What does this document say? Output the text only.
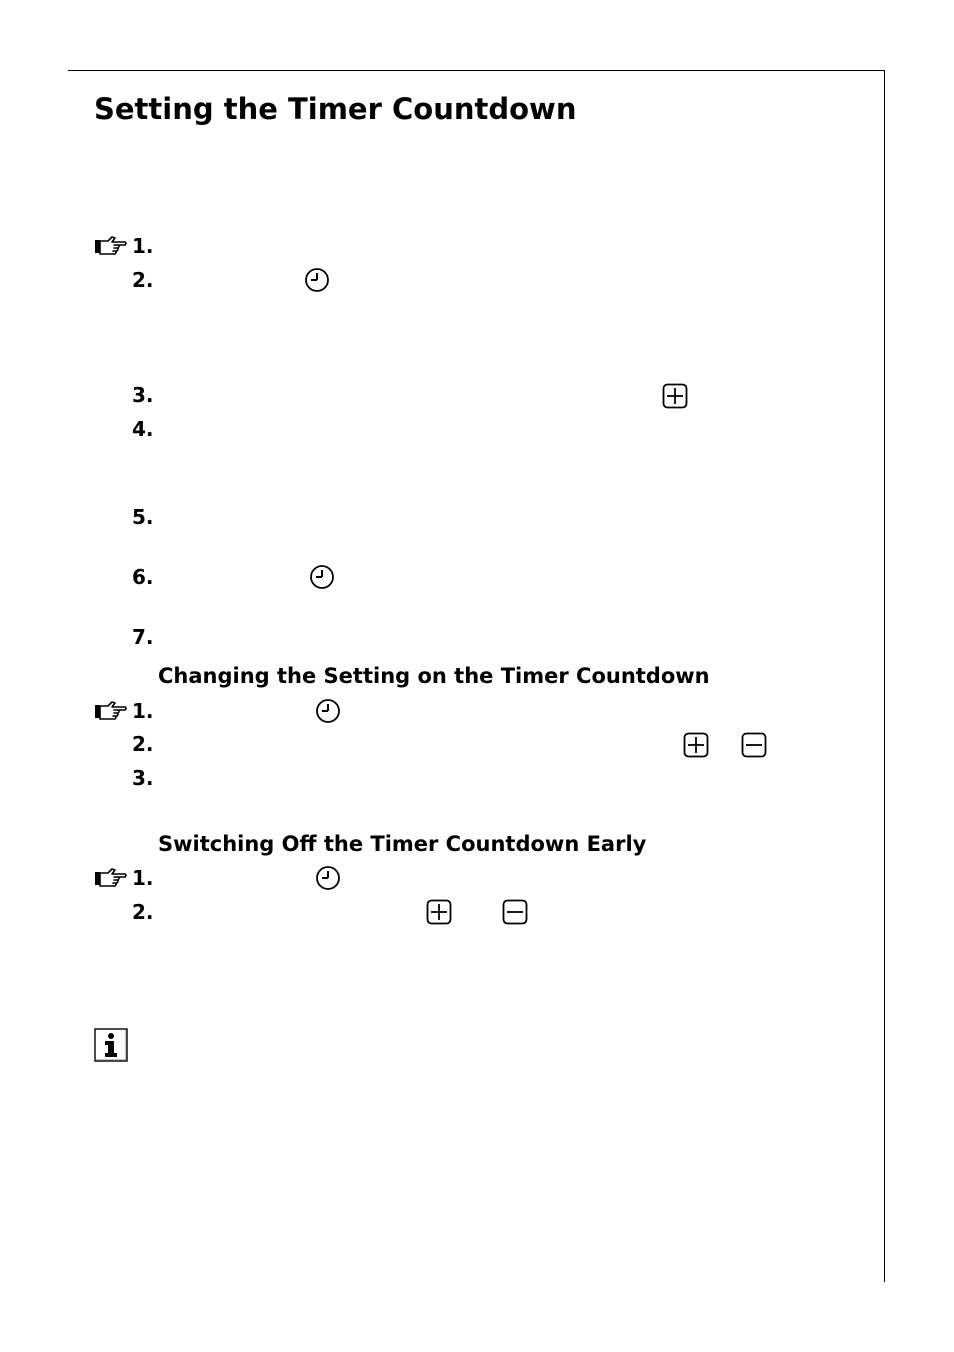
Setting the Timer Countdown
1.
2.
3.
4.
5.
6.
7.
Changing the Setting on the Timer Countdown
1.
2.
3.
Switching Off the Timer Countdown Early
1.
2.
